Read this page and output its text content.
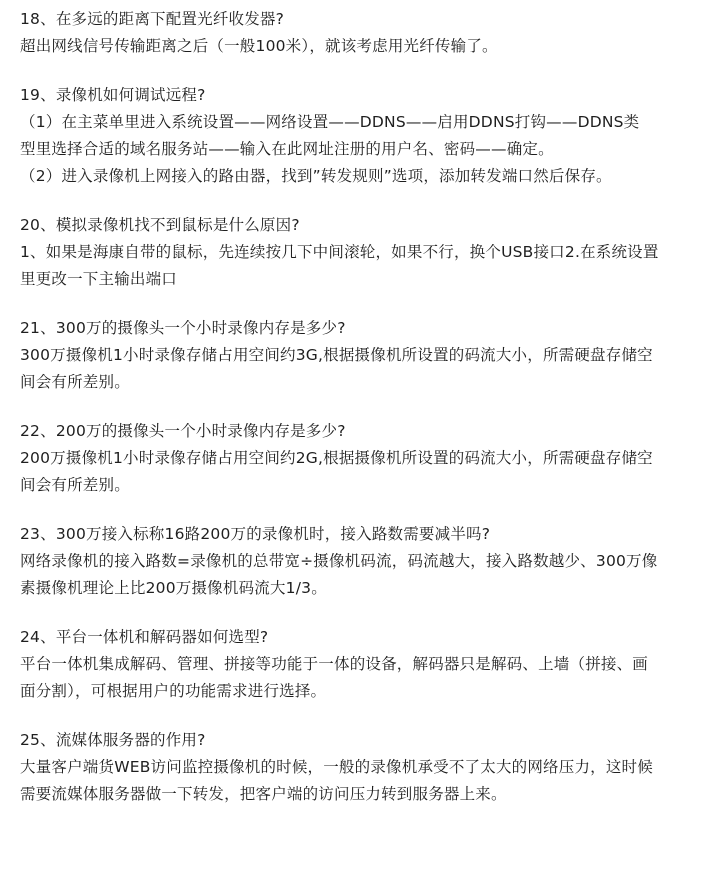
18、在多远的距离下配置光纤收发器?
超出网线信号传输距离之后（一般100米），就该考虑用光纤传输了。
19、录像机如何调试远程?
（1）在主菜单里进入系统设置——网络设置——DDNS——启用DDNS打钩——DDNS类
型里选择合适的域名服务站——输入在此网址注册的用户名、密码——确定。
（2）进入录像机上网接入的路由器，找到”转发规则”选项，添加转发端口然后保存。
20、模拟录像机找不到鼠标是什么原因?
1、如果是海康自带的鼠标，先连续按几下中间滚轮，如果不行，换个USB接口2.在系统设置
里更改一下主输出端口
21、300万的摄像头一个小时录像内存是多少?
300万摄像机1小时录像存储占用空间约3G,根据摄像机所设置的码流大小，所需硬盘存储空
间会有所差别。
22、200万的摄像头一个小时录像内存是多少?
200万摄像机1小时录像存储占用空间约2G,根据摄像机所设置的码流大小，所需硬盘存储空
间会有所差别。
23、300万接入标称16路200万的录像机时，接入路数需要减半吗?
网络录像机的接入路数=录像机的总带宽÷摄像机码流，码流越大，接入路数越少、300万像
素摄像机理论上比200万摄像机码流大1/3。
24、平台一体机和解码器如何选型?
平台一体机集成解码、管理、拼接等功能于一体的设备，解码器只是解码、上墙（拼接、画
面分割），可根据用户的功能需求进行选择。
25、流媒体服务器的作用?
大量客户端货WEB访问监控摄像机的时候，一般的录像机承受不了太大的网络压力，这时候
需要流媒体服务器做一下转发，把客户端的访问压力转到服务器上来。
